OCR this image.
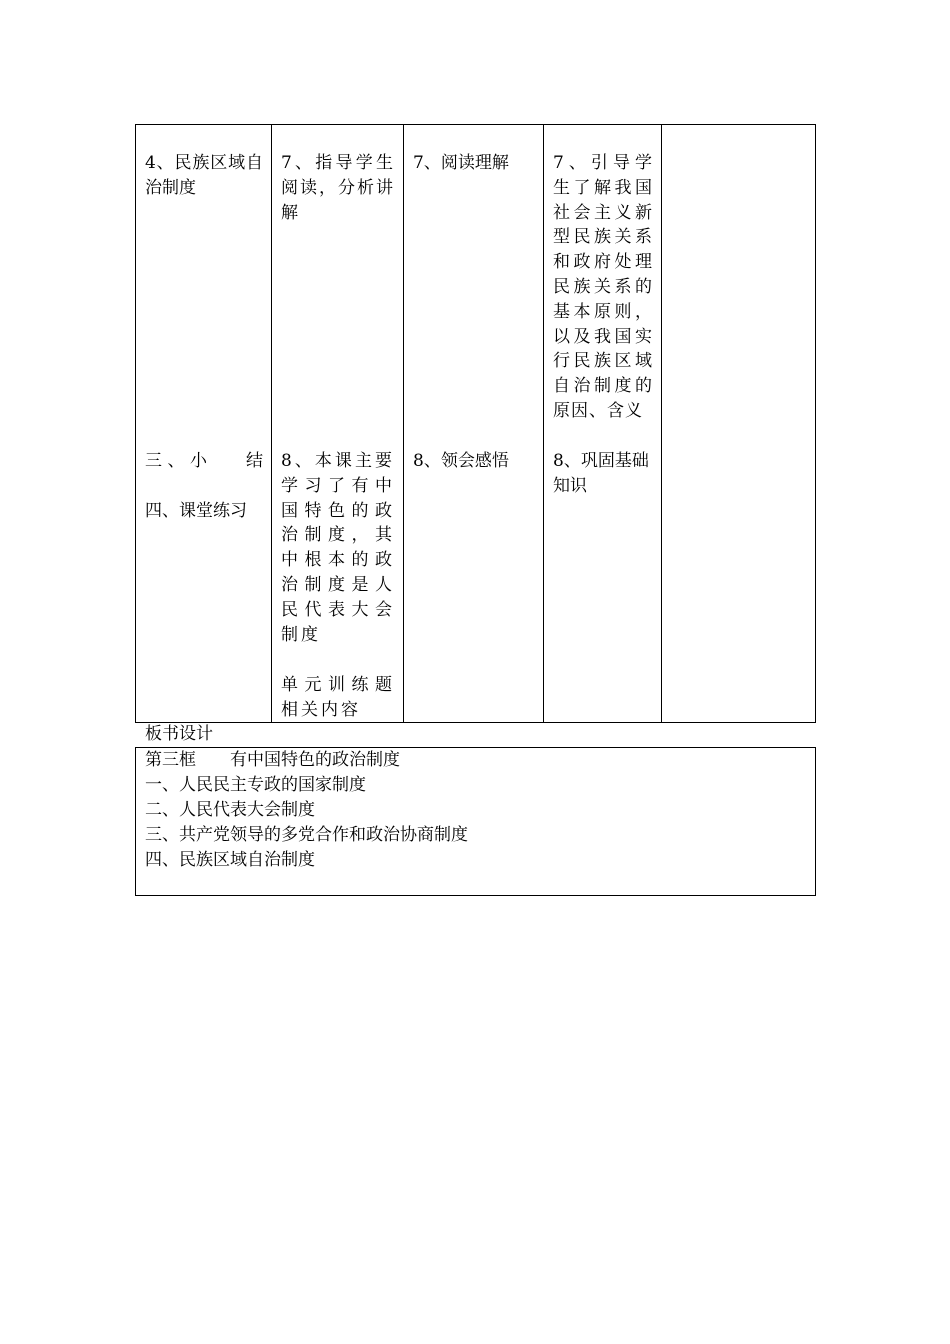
4、民族区域自治制度
三、小　 结
四、课堂练习
7、指导学生阅读，分析讲解
8、本课主要学习了有中国特色的政治制度，其中根本的政治制度是人民代表大会制度
单元训练题相关内容
7、阅读理解
8、领会感悟
7、引导学生了解我国社会主义新型民族关系和政府处理民族关系的基本原则，以及我国实行民族区域自治制度的原因、含义
8、巩固基础知识
板书设计
第三框　　有中国特色的政治制度
一、人民民主专政的国家制度
二、人民代表大会制度
三、共产党领导的多党合作和政治协商制度
四、民族区域自治制度
